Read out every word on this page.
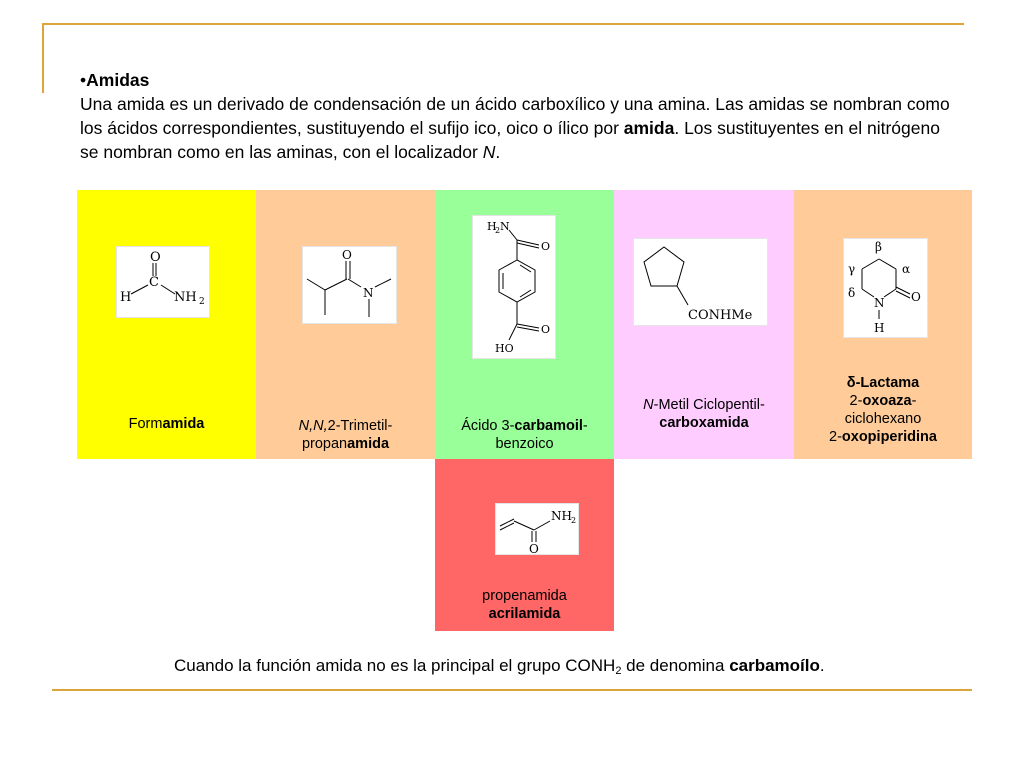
•Amidas
Una amida es un derivado de condensación de un ácido carboxílico y una amina. Las amidas se nombran como los ácidos correspondientes, sustituyendo el sufijo ico, oico o ílico por amida. Los sustituyentes en el nitrógeno se nombran como en las aminas, con el localizador N.
O
C
H	NH 2
Formamida
O
N
N,N,2-Trimetil-
propanamida
H
2 N
O
O
HO
Ácido 3-carbamoil-
benzoico
CONHMe
N-Metil Ciclopentil-
carboxamida
β
γ	α
δ	O
N
H
δ-Lactama
2-oxoaza-
ciclohexano
2-oxopiperidina
NH 2
O
propenamida
acrilamida
Cuando la función amida no es la principal el grupo $CONH_2$ de denomina carbamoílo.
